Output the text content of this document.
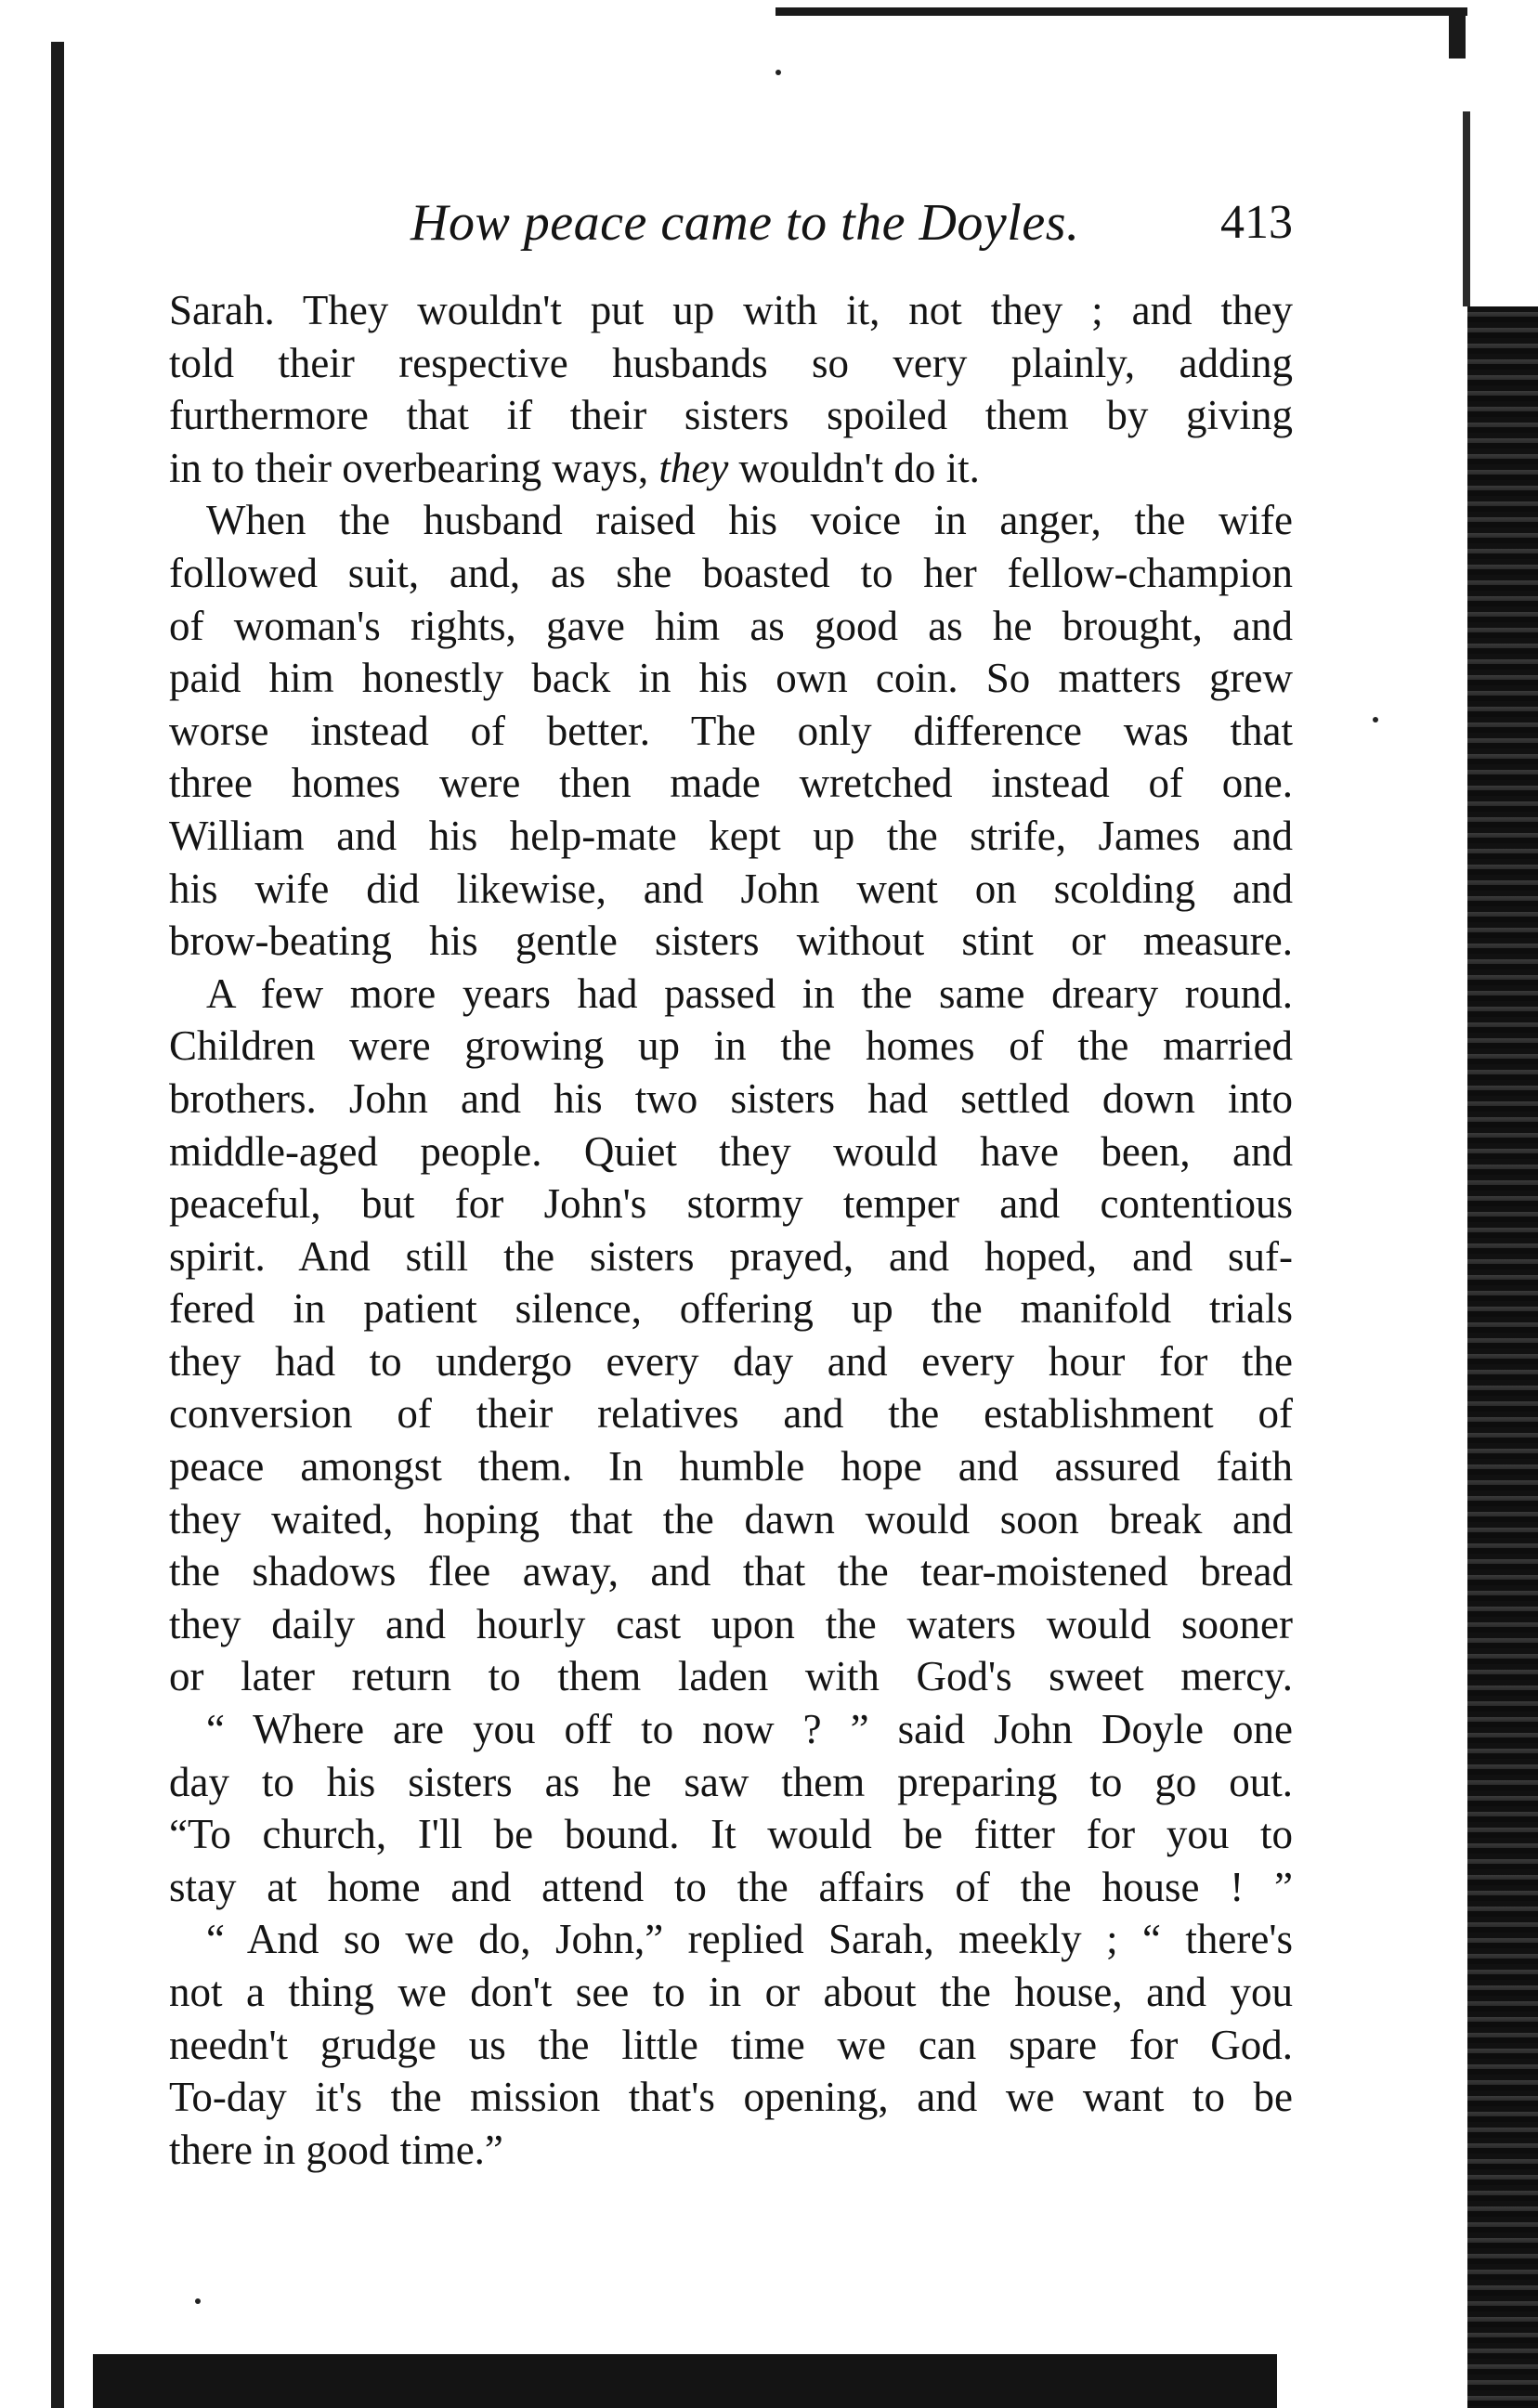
How peace came to the Doyles.	413
Sarah. They wouldn't put up with it, not they ; and they
told their respective husbands so very plainly, adding
furthermore that if their sisters spoiled them by giving
in to their overbearing ways, they wouldn't do it.
When the husband raised his voice in anger, the wife
followed suit, and, as she boasted to her fellow-champion
of woman's rights, gave him as good as he brought, and
paid him honestly back in his own coin. So matters grew
worse instead of better. The only difference was that
three homes were then made wretched instead of one.
William and his help-mate kept up the strife, James and
his wife did likewise, and John went on scolding and
brow-beating his gentle sisters without stint or measure.
A few more years had passed in the same dreary round.
Children were growing up in the homes of the married
brothers. John and his two sisters had settled down into
middle-aged people. Quiet they would have been, and
peaceful, but for John's stormy temper and contentious
spirit. And still the sisters prayed, and hoped, and suf-
fered in patient silence, offering up the manifold trials
they had to undergo every day and every hour for the
conversion of their relatives and the establishment of
peace amongst them. In humble hope and assured faith
they waited, hoping that the dawn would soon break and
the shadows flee away, and that the tear-moistened bread
they daily and hourly cast upon the waters would sooner
or later return to them laden with God's sweet mercy.
“ Where are you off to now ? ” said John Doyle one
day to his sisters as he saw them preparing to go out.
“To church, I'll be bound. It would be fitter for you to
stay at home and attend to the affairs of the house ! ”
“ And so we do, John,” replied Sarah, meekly ; “ there's
not a thing we don't see to in or about the house, and you
needn't grudge us the little time we can spare for God.
To-day it's the mission that's opening, and we want to be
there in good time.”
